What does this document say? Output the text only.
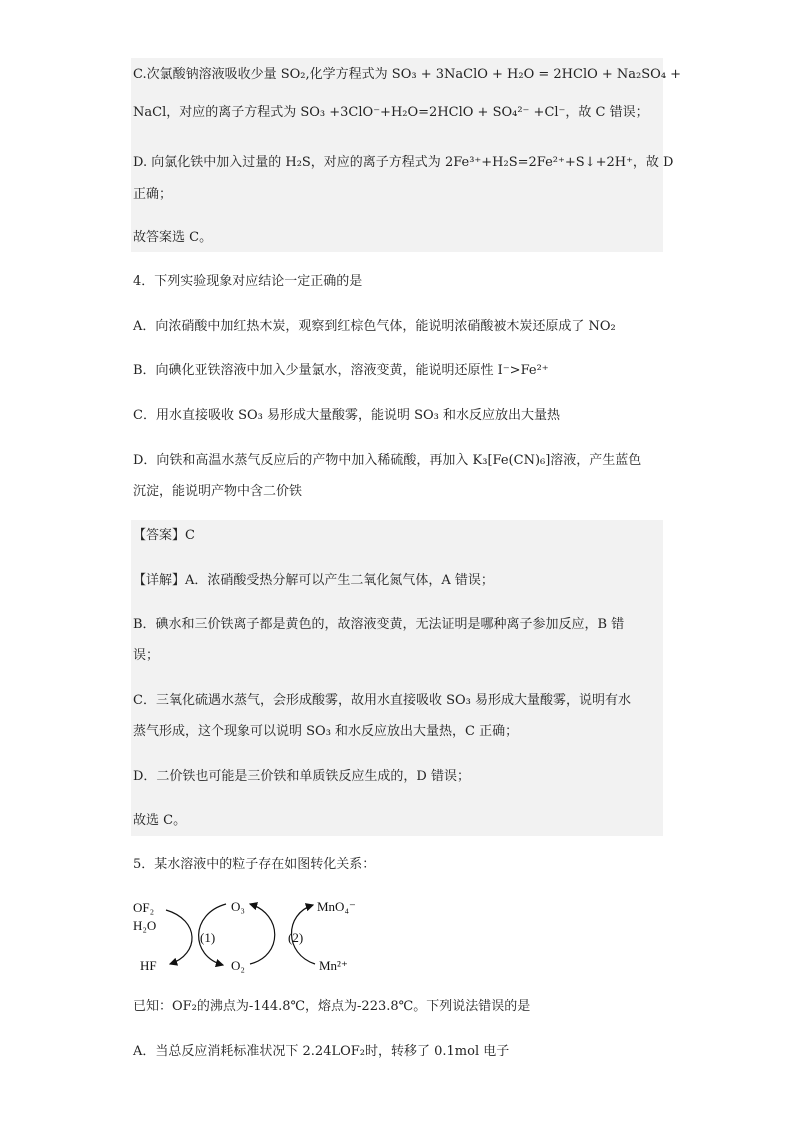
C.次氯酸钠溶液吸收少量 SO₂,化学方程式为 SO₃ + 3NaClO + H₂O = 2HClO + Na₂SO₄ +
NaCl，对应的离子方程式为 SO₃ +3ClO⁻+H₂O=2HClO + SO₄²⁻ +Cl⁻，故 C 错误；
D. 向氯化铁中加入过量的 H₂S，对应的离子方程式为 2Fe³⁺+H₂S=2Fe²⁺+S↓+2H⁺，故 D
正确；
故答案选 C。
4．下列实验现象对应结论一定正确的是
A．向浓硝酸中加红热木炭，观察到红棕色气体，能说明浓硝酸被木炭还原成了 NO₂
B．向碘化亚铁溶液中加入少量氯水，溶液变黄，能说明还原性 I⁻>Fe²⁺
C．用水直接吸收 SO₃ 易形成大量酸雾，能说明 SO₃ 和水反应放出大量热
D．向铁和高温水蒸气反应后的产物中加入稀硫酸，再加入 K₃[Fe(CN)₆]溶液，产生蓝色
沉淀，能说明产物中含二价铁
【答案】C
【详解】A．浓硝酸受热分解可以产生二氧化氮气体，A 错误；
B．碘水和三价铁离子都是黄色的，故溶液变黄，无法证明是哪种离子参加反应，B 错
误；
C．三氧化硫遇水蒸气，会形成酸雾，故用水直接吸收 SO₃ 易形成大量酸雾，说明有水
蒸气形成，这个现象可以说明 SO₃ 和水反应放出大量热，C 正确；
D．二价铁也可能是三价铁和单质铁反应生成的，D 错误；
故选 C。
5．某水溶液中的粒子存在如图转化关系：
OF₂
H₂O
HF
(1)
O₃
O₂
(2)
MnO₄⁻
Mn²⁺
已知：OF₂的沸点为-144.8℃，熔点为-223.8℃。下列说法错误的是
A．当总反应消耗标准状况下 2.24LOF₂时，转移了 0.1mol 电子
